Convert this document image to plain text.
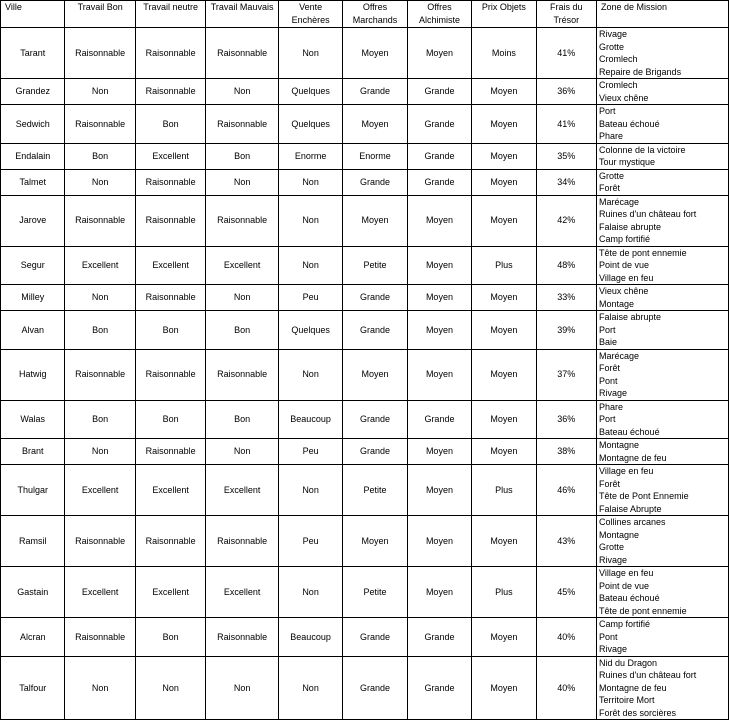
Ville	Travail Bon	Travail neutre	Travail Mauvais	Vente Enchères	Offres Marchands	Offres Alchimiste	Prix Objets	Frais du Trésor	Zone de Mission
Tarant	Raisonnable	Raisonnable	Raisonnable	Non	Moyen	Moyen	Moins	41%	Rivage
Grotte
Cromlech
Repaire de Brigands

Grandez	Non	Raisonnable	Non	Quelques	Grande	Grande	Moyen	36%	Cromlech
Vieux chêne

Sedwich	Raisonnable	Bon	Raisonnable	Quelques	Moyen	Grande	Moyen	41%	Port
Bateau échoué
Phare

Endalain	Bon	Excellent	Bon	Enorme	Enorme	Grande	Moyen	35%	Colonne de la victoire
Tour mystique

Talmet	Non	Raisonnable	Non	Non	Grande	Grande	Moyen	34%	Grotte
Forêt

Jarove	Raisonnable	Raisonnable	Raisonnable	Non	Moyen	Moyen	Moyen	42%	Marécage
Ruines d'un château fort
Falaise abrupte
Camp fortifié

Segur	Excellent	Excellent	Excellent	Non	Petite	Moyen	Plus	48%	Tête de pont ennemie
Point de vue
Village en feu

Milley	Non	Raisonnable	Non	Peu	Grande	Moyen	Moyen	33%	Vieux chêne
Montage

Alvan	Bon	Bon	Bon	Quelques	Grande	Moyen	Moyen	39%	Falaise abrupte
Port
Baie

Hatwig	Raisonnable	Raisonnable	Raisonnable	Non	Moyen	Moyen	Moyen	37%	Marécage
Forêt
Pont
Rivage

Walas	Bon	Bon	Bon	Beaucoup	Grande	Grande	Moyen	36%	Phare
Port
Bateau échoué

Brant	Non	Raisonnable	Non	Peu	Grande	Moyen	Moyen	38%	Montagne
Montagne de feu

Thulgar	Excellent	Excellent	Excellent	Non	Petite	Moyen	Plus	46%	Village en feu
Forêt
Tête de Pont Ennemie
Falaise Abrupte

Ramsil	Raisonnable	Raisonnable	Raisonnable	Peu	Moyen	Moyen	Moyen	43%	Collines arcanes
Montagne
Grotte
Rivage

Gastain	Excellent	Excellent	Excellent	Non	Petite	Moyen	Plus	45%	Village en feu
Point de vue
Bateau échoué
Tête de pont ennemie

Alcran	Raisonnable	Bon	Raisonnable	Beaucoup	Grande	Grande	Moyen	40%	Camp fortifié
Pont
Rivage

Talfour	Non	Non	Non	Non	Grande	Grande	Moyen	40%	Nid du Dragon
Ruines d'un château fort
Montagne de feu
Territoire Mort
Forêt des sorcières
